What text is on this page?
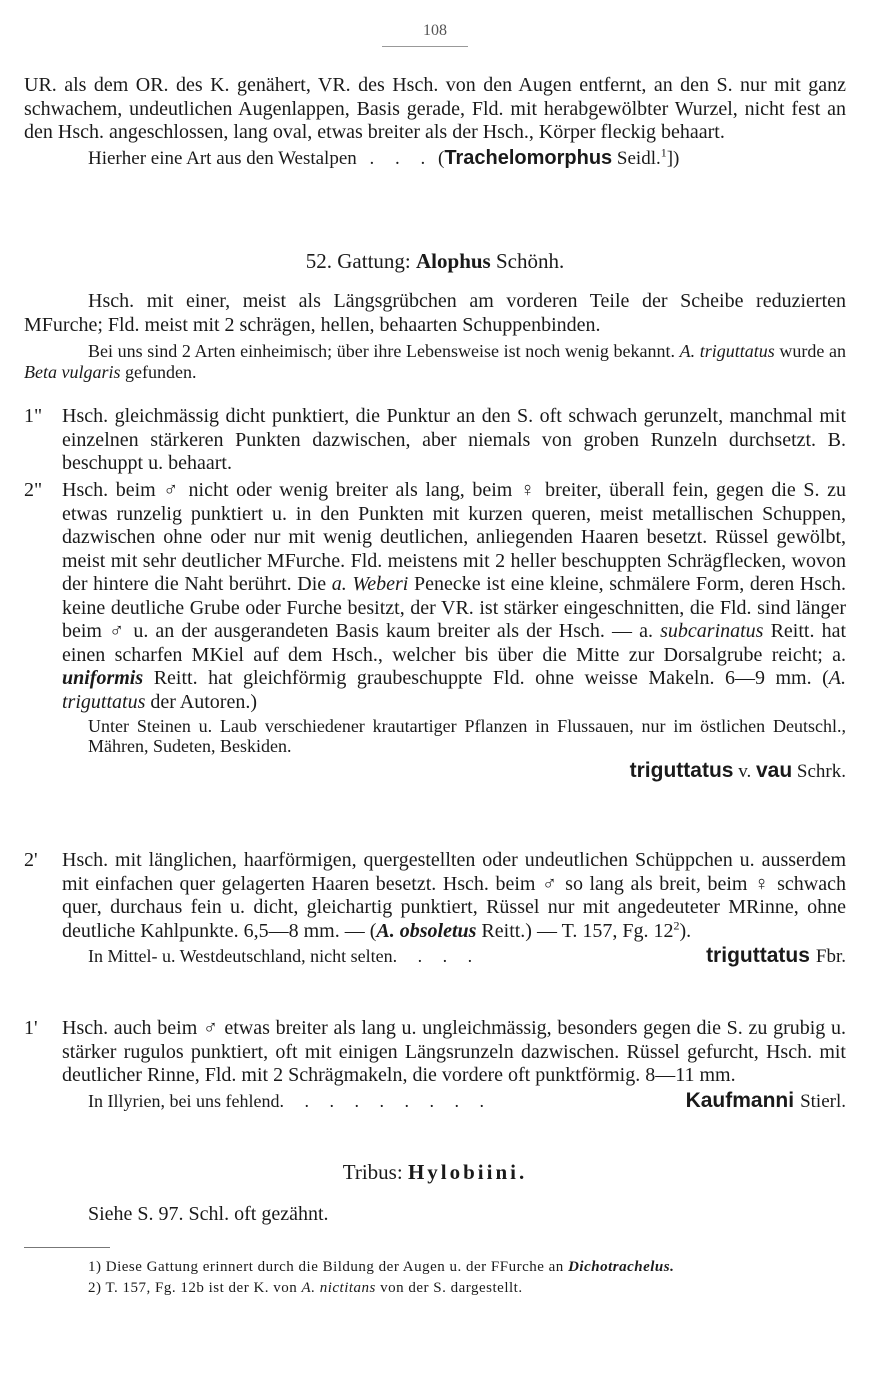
108

UR. als dem OR. des K. genähert, VR. des Hsch. von den Augen entfernt, an den S. nur mit ganz schwachem, undeutlichen Augenlappen, Basis gerade, Fld. mit herabgewölbter Wurzel, nicht fest an den Hsch. angeschlossen, lang oval, etwas breiter als der Hsch., Körper fleckig behaart.

Hierher eine Art aus den Westalpen . . . (Trachelomorphus Seidl.$^1$])

52. Gattung: Alophus Schönh.

Hsch. mit einer, meist als Längsgrübchen am vorderen Teile der Scheibe reduzierten MFurche; Fld. meist mit 2 schrägen, hellen, behaarten Schuppenbinden.

Bei uns sind 2 Arten einheimisch; über ihre Lebensweise ist noch wenig bekannt. A. triguttatus wurde an Beta vulgaris gefunden.

1" Hsch. gleichmässig dicht punktiert, die Punktur an den S. oft schwach gerunzelt, manchmal mit einzelnen stärkeren Punkten dazwischen, aber niemals von groben Runzeln durchsetzt. B. beschuppt u. behaart.

2" Hsch. beim ♂ nicht oder wenig breiter als lang, beim ♀ breiter, überall fein, gegen die S. zu etwas runzelig punktiert u. in den Punkten mit kurzen queren, meist metallischen Schuppen, dazwischen ohne oder nur mit wenig deutlichen, anliegenden Haaren besetzt. Rüssel gewölbt, meist mit sehr deutlicher MFurche. Fld. meistens mit 2 heller beschuppten Schrägflecken, wovon der hintere die Naht berührt. Die a. Weberi Penecke ist eine kleine, schmälere Form, deren Hsch. keine deutliche Grube oder Furche besitzt, der VR. ist stärker eingeschnitten, die Fld. sind länger beim ♂ u. an der ausgerandeten Basis kaum breiter als der Hsch. — a. subcarinatus Reitt. hat einen scharfen MKiel auf dem Hsch., welcher bis über die Mitte zur Dorsalgrube reicht; a. uniformis Reitt. hat gleichförmig graubeschuppte Fld. ohne weisse Makeln. 6—9 mm. (A. triguttatus der Autoren.)

Unter Steinen u. Laub verschiedener krautartiger Pflanzen in Flussauen, nur im östlichen Deutschl., Mähren, Sudeten, Beskiden.

triguttatus v. vau Schrk.

2' Hsch. mit länglichen, haarförmigen, quergestellten oder undeutlichen Schüppchen u. ausserdem mit einfachen quer gelagerten Haaren besetzt. Hsch. beim ♂ so lang als breit, beim ♀ schwach quer, durchaus fein u. dicht, gleichartig punktiert, Rüssel nur mit angedeuteter MRinne, ohne deutliche Kahlpunkte. 6,5—8 mm. — (A. obsoletus Reitt.) — T. 157, Fg. $12^2$).

In Mittel- u. Westdeutschland, nicht selten . . . .	triguttatus Fbr.

1' Hsch. auch beim ♂ etwas breiter als lang u. ungleichmässig, besonders gegen die S. zu grubig u. stärker rugulos punktiert, oft mit einigen Längsrunzeln dazwischen. Rüssel gefurcht, Hsch. mit deutlicher Rinne, Fld. mit 2 Schrägmakeln, die vordere oft punktförmig. 8—11 mm.

In Illyrien, bei uns fehlend . . . . . . . . .	Kaufmanni Stierl.

Tribus: Hylobiini.

Siehe S. 97. Schl. oft gezähnt.

1) Diese Gattung erinnert durch die Bildung der Augen u. der FFurche an Dichotrachelus.

2) T. 157, Fg. 12b ist der K. von A. nictitans von der S. dargestellt.
